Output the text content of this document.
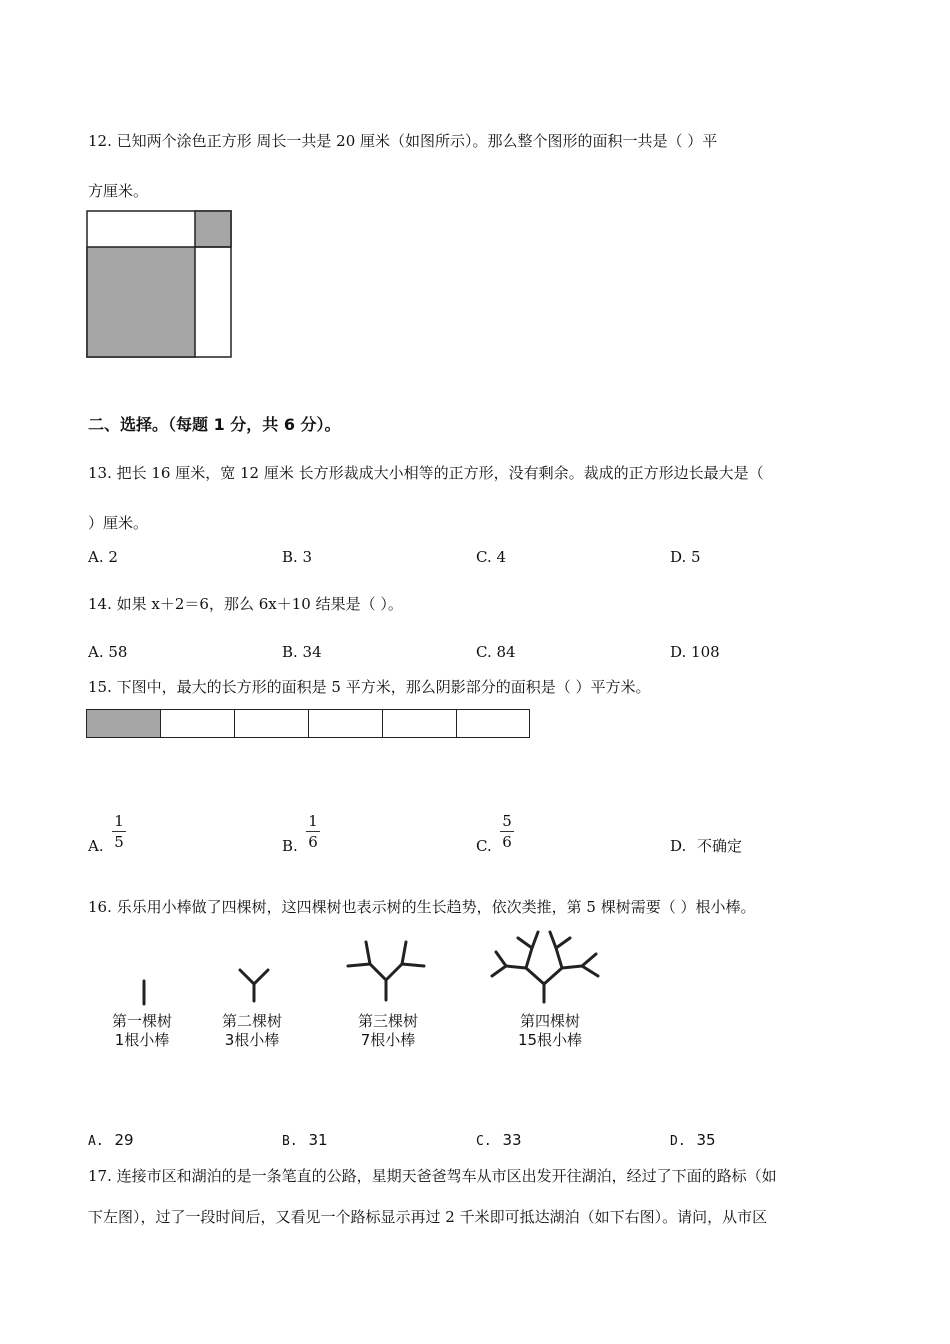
12. 已知两个涂色正方形 周长一共是 20 厘米（如图所示）。那么整个图形的面积一共是（ ）平
方厘米。
二、选择。（每题 1 分，共 6 分）。
13. 把长 16 厘米，宽 12 厘米 长方形裁成大小相等的正方形，没有剩余。裁成的正方形边长最大是（
）厘米。
A. 2	B. 3	C. 4	D. 5
14. 如果 x＋2＝6，那么 6x＋10 结果是（ ）。
A. 58	B. 34	C. 84	D. 108
15. 下图中，最大的长方形的面积是 5 平方米，那么阴影部分的面积是（ ）平方米。
A.
1
5	B.
1
6	C.
5
6	D. 不确定
16. 乐乐用小棒做了四棵树，这四棵树也表示树的生长趋势，依次类推，第 5 棵树需要（ ）根小棒。
第一棵树
1根小棒
第二棵树
3根小棒
第三棵树
7根小棒
第四棵树
15根小棒
A. 29	B. 31	C. 33	D. 35
17. 连接市区和湖泊的是一条笔直的公路，星期天爸爸驾车从市区出发开往湖泊，经过了下面的路标（如
下左图），过了一段时间后，又看见一个路标显示再过 2 千米即可抵达湖泊（如下右图）。请问，从市区
